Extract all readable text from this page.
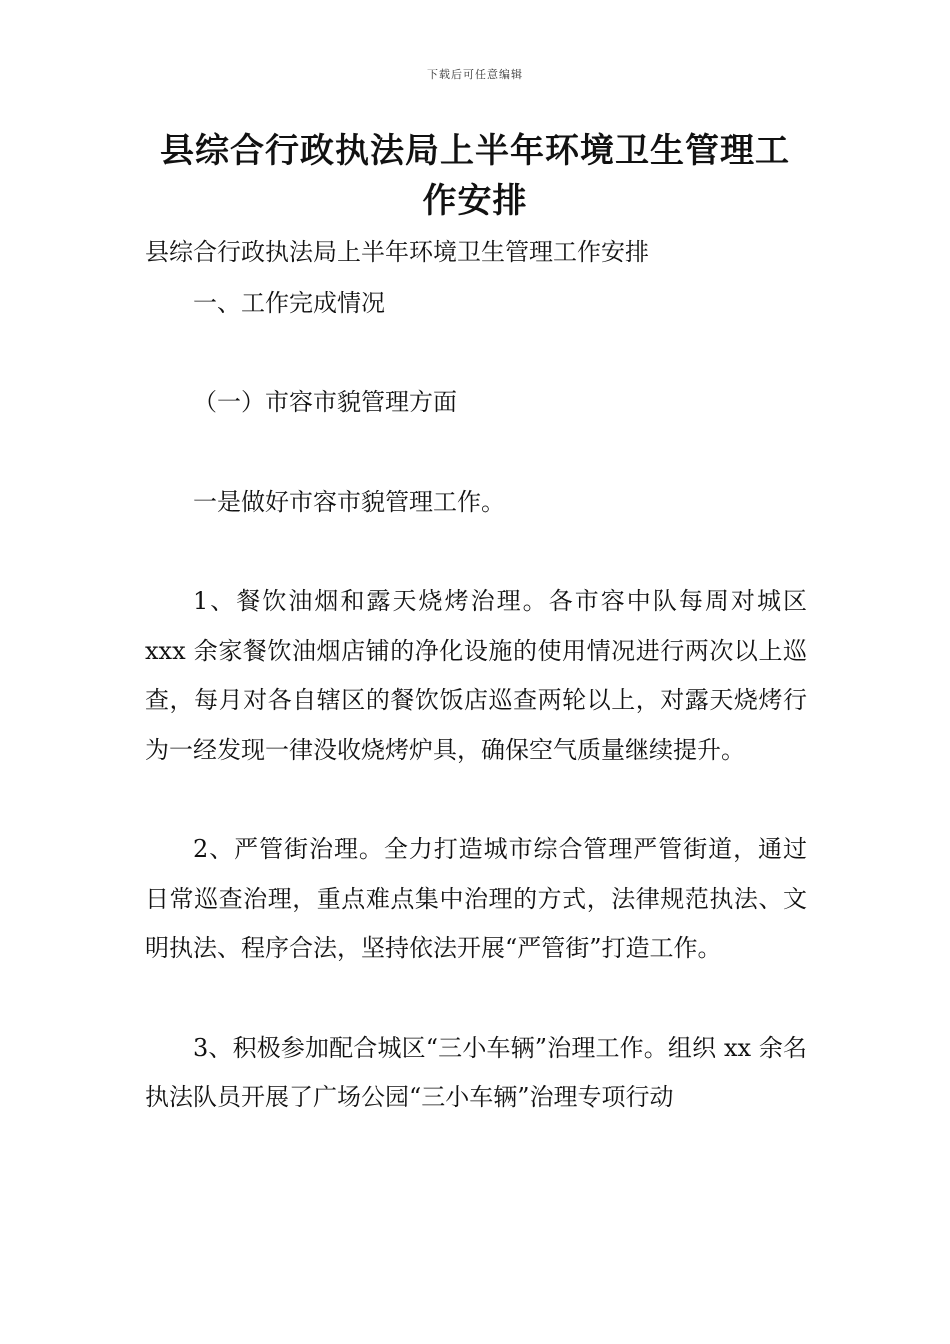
下载后可任意编辑
县综合行政执法局上半年环境卫生管理工作安排

县综合行政执法局上半年环境卫生管理工作安排

一、工作完成情况

（一）市容市貌管理方面

一是做好市容市貌管理工作。

1、餐饮油烟和露天烧烤治理。各市容中队每周对城区 xxx 余家餐饮油烟店铺的净化设施的使用情况进行两次以上巡查，每月对各自辖区的餐饮饭店巡查两轮以上，对露天烧烤行为一经发现一律没收烧烤炉具，确保空气质量继续提升。

2、严管街治理。全力打造城市综合管理严管街道，通过日常巡查治理，重点难点集中治理的方式，法律规范执法、文明执法、程序合法，坚持依法开展“严管街”打造工作。

3、积极参加配合城区“三小车辆”治理工作。组织 xx 余名执法队员开展了广场公园“三小车辆”治理专项行动
